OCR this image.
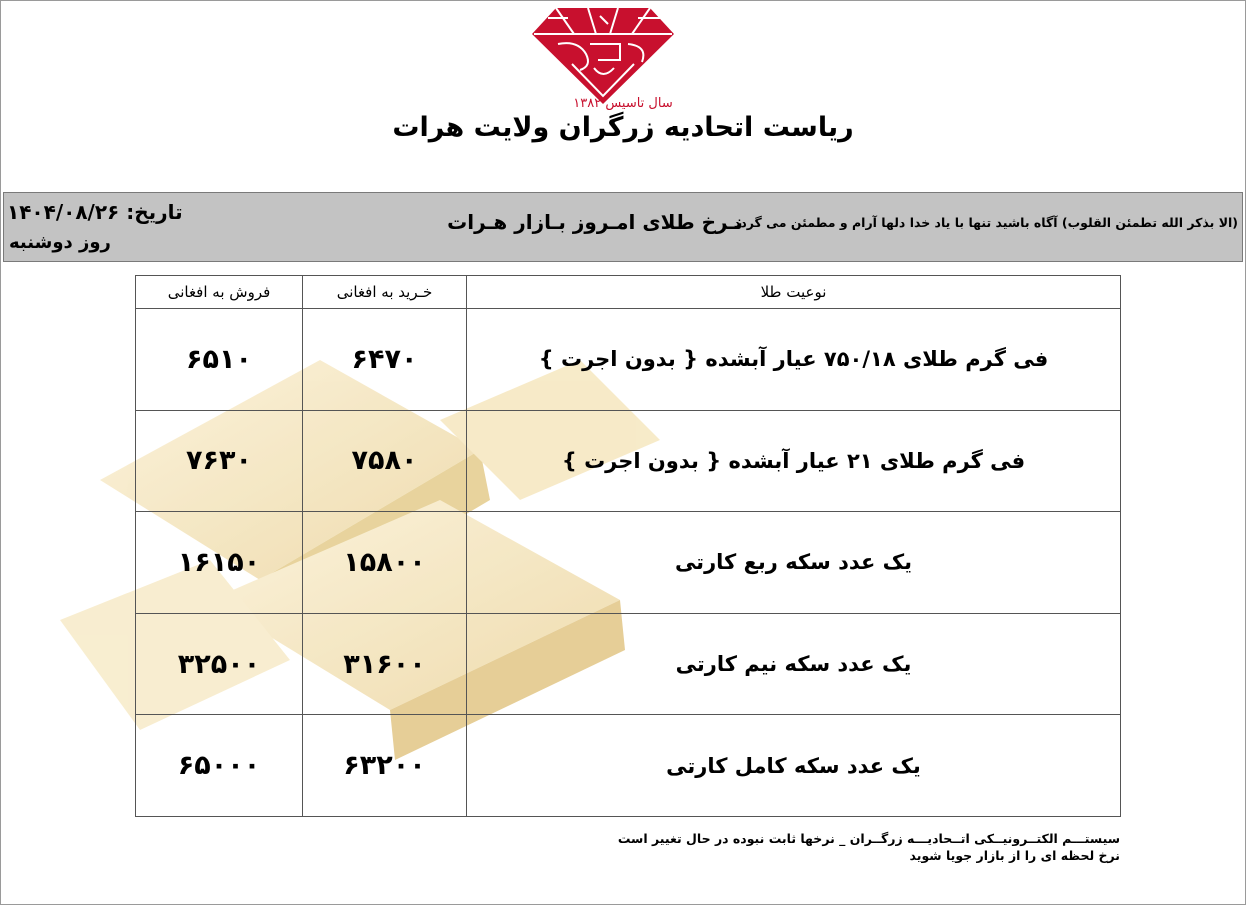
سال تاسیس ۱۳۸۲
ریاست اتحادیه زرگران ولایت هرات
تاریخ: ۱۴۰۴/۰۸/۲۶
روز دوشنبه
نـرخ طلای امـروز بـازار هـرات
(الا بذکر الله تطمئن القلوب) آگاه باشید تنها با یاد خدا دلها آرام و مطمئن می گردد
نوعیت طلا	خـرید به افغانی	فروش به افغانی
فی گرم طلای ۷۵۰/۱۸ عیار آبشده { بدون اجرت }	۶۴۷۰	۶۵۱۰
فی گرم طلای ۲۱ عیار آبشده { بدون اجرت }	۷۵۸۰	۷۶۳۰
یک عدد سکه ربع کارتی	۱۵۸۰۰	۱۶۱۵۰
یک عدد سکه نیم کارتی	۳۱۶۰۰	۳۲۵۰۰
یک عدد سکه کامل کارتی	۶۳۲۰۰	۶۵۰۰۰
سیستـــم الکتــرونیــکی اتــحادیـــه زرگــران _ نرخها ثابت نبوده در حال تغییر است
نرخ لحظه ای را از بازار جویا شوید
